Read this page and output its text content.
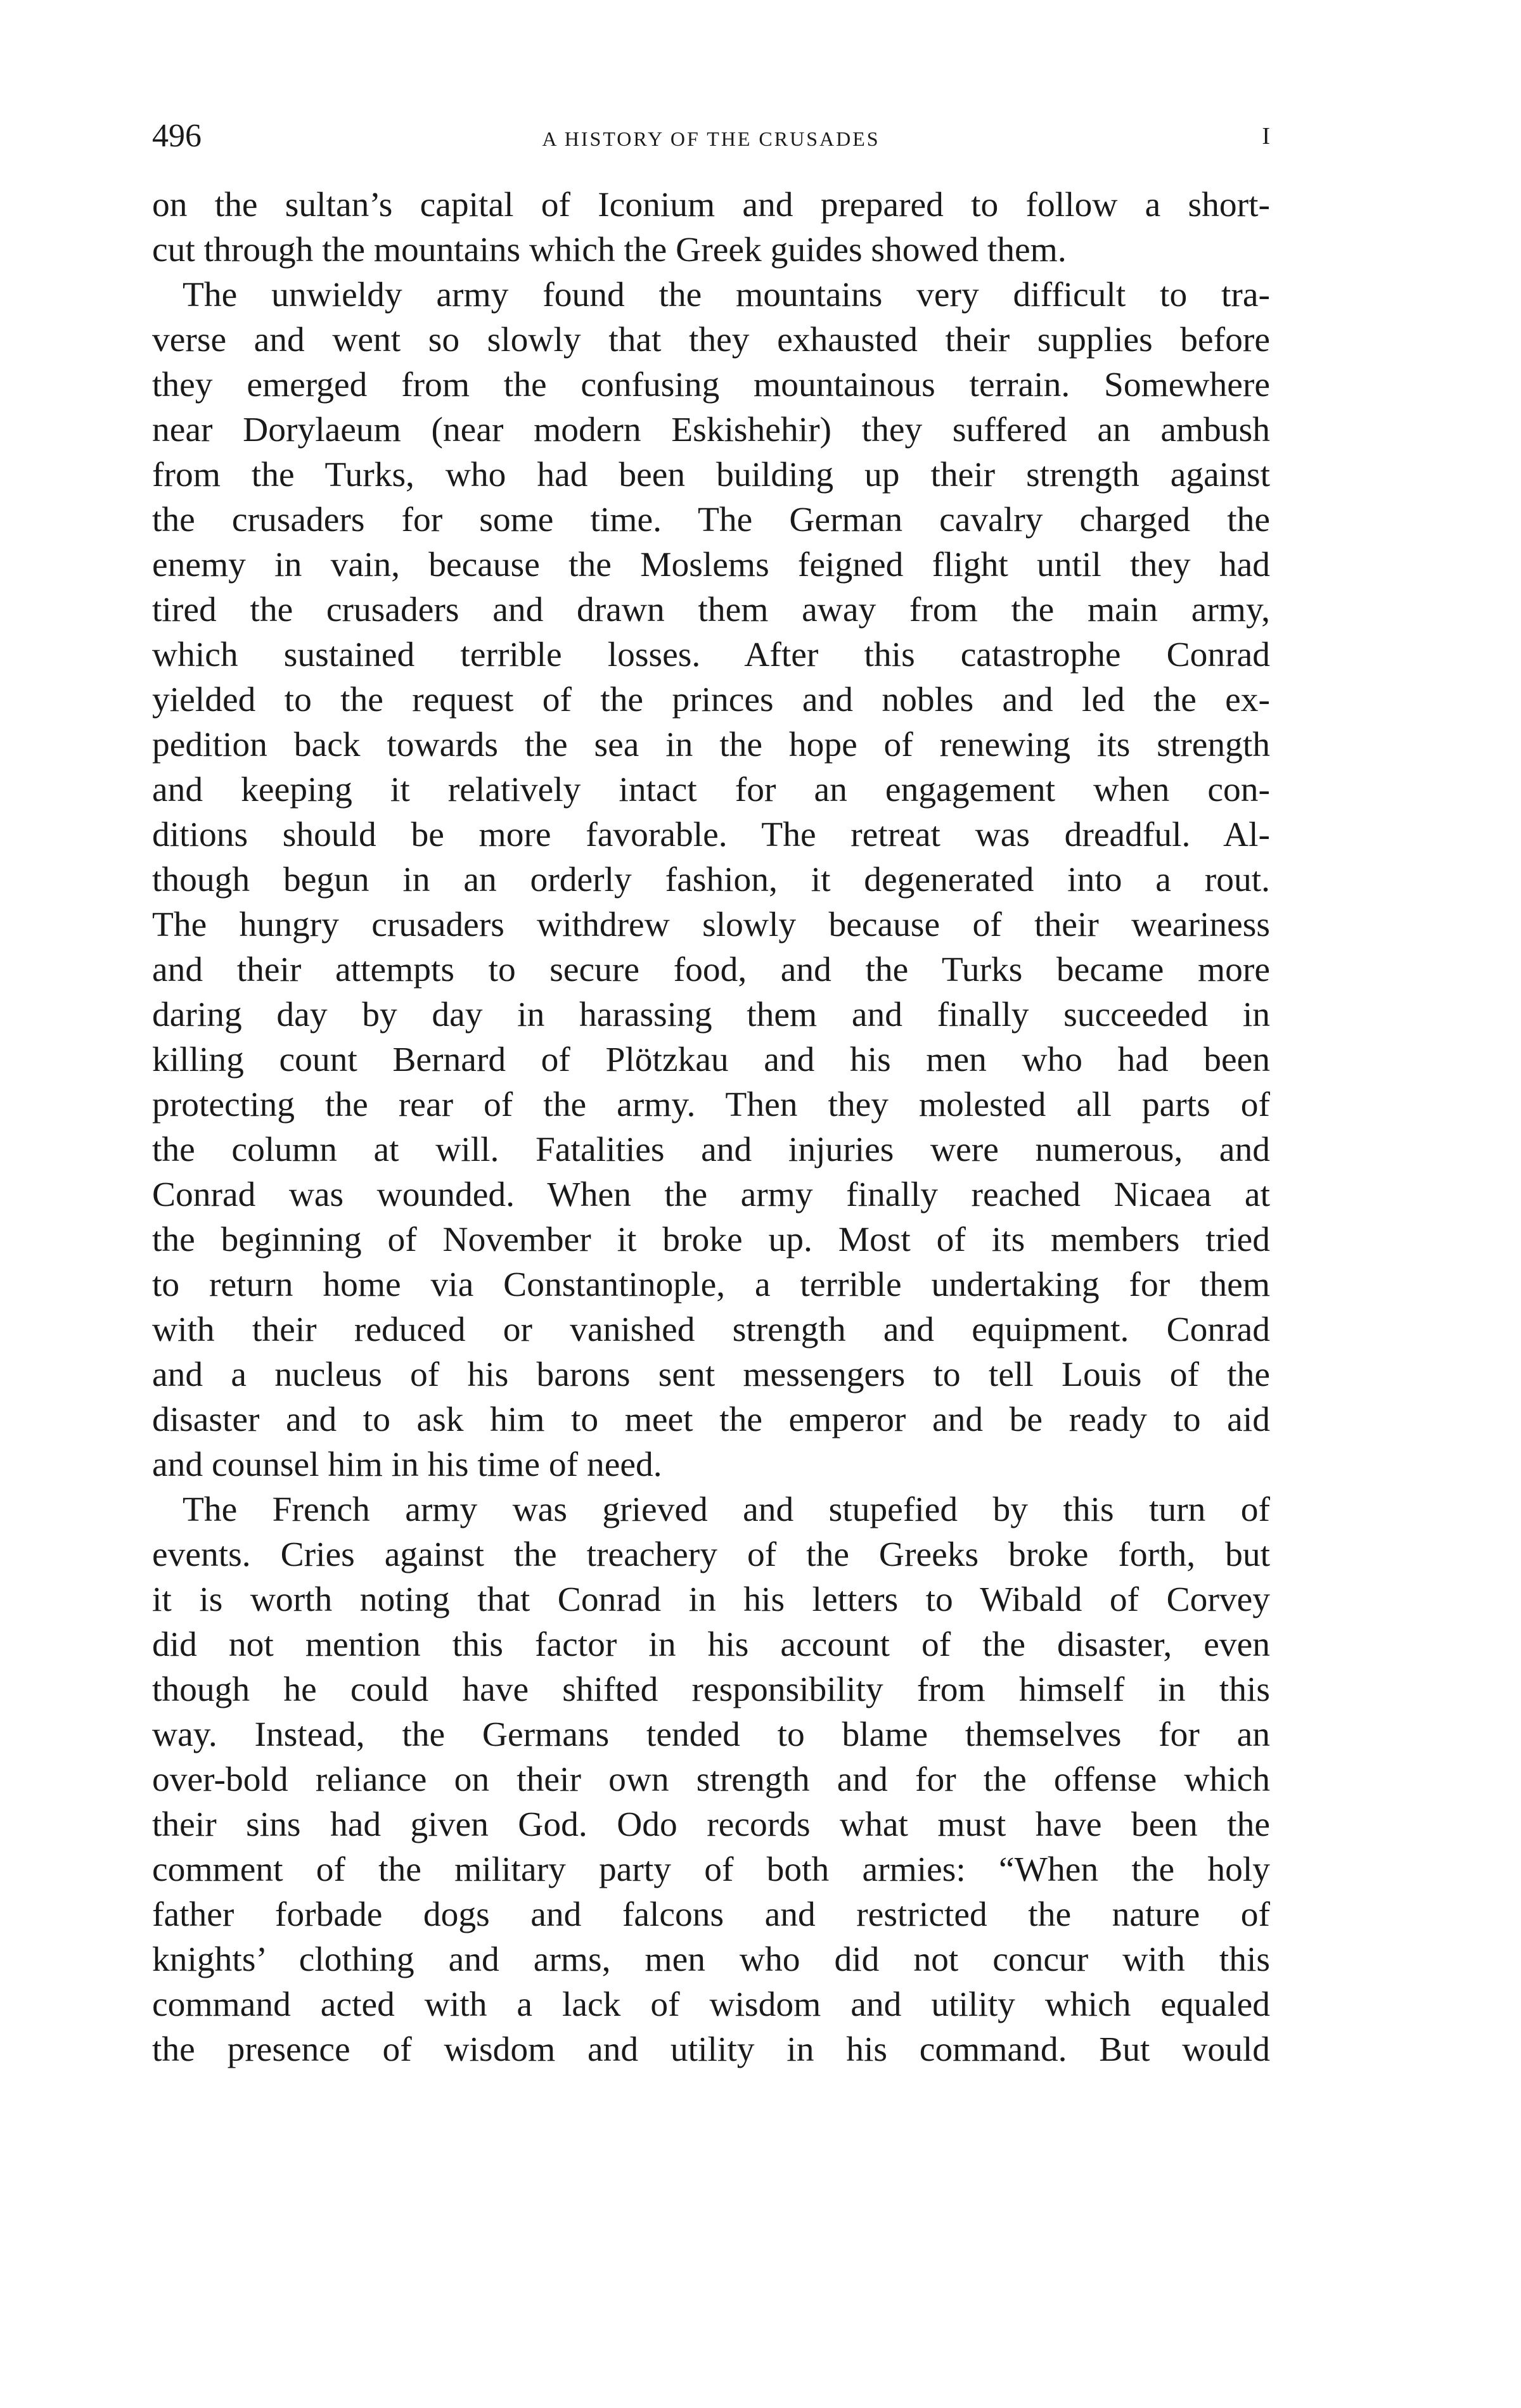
496	A HISTORY OF THE CRUSADES	I
on the sultan’s capital of Iconium and prepared to follow a short-
cut through the mountains which the Greek guides showed them.
The unwieldy army found the mountains very difficult to tra-
verse and went so slowly that they exhausted their supplies before
they emerged from the confusing mountainous terrain. Somewhere
near Dorylaeum (near modern Eskishehir) they suffered an ambush
from the Turks, who had been building up their strength against
the crusaders for some time. The German cavalry charged the
enemy in vain, because the Moslems feigned flight until they had
tired the crusaders and drawn them away from the main army,
which sustained terrible losses. After this catastrophe Conrad
yielded to the request of the princes and nobles and led the ex-
pedition back towards the sea in the hope of renewing its strength
and keeping it relatively intact for an engagement when con-
ditions should be more favorable. The retreat was dreadful. Al-
though begun in an orderly fashion, it degenerated into a rout.
The hungry crusaders withdrew slowly because of their weariness
and their attempts to secure food, and the Turks became more
daring day by day in harassing them and finally succeeded in
killing count Bernard of Plötzkau and his men who had been
protecting the rear of the army. Then they molested all parts of
the column at will. Fatalities and injuries were numerous, and
Conrad was wounded. When the army finally reached Nicaea at
the beginning of November it broke up. Most of its members tried
to return home via Constantinople, a terrible undertaking for them
with their reduced or vanished strength and equipment. Conrad
and a nucleus of his barons sent messengers to tell Louis of the
disaster and to ask him to meet the emperor and be ready to aid
and counsel him in his time of need.
The French army was grieved and stupefied by this turn of
events. Cries against the treachery of the Greeks broke forth, but
it is worth noting that Conrad in his letters to Wibald of Corvey
did not mention this factor in his account of the disaster, even
though he could have shifted responsibility from himself in this
way. Instead, the Germans tended to blame themselves for an
over-bold reliance on their own strength and for the offense which
their sins had given God. Odo records what must have been the
comment of the military party of both armies: “When the holy
father forbade dogs and falcons and restricted the nature of
knights’ clothing and arms, men who did not concur with this
command acted with a lack of wisdom and utility which equaled
the presence of wisdom and utility in his command. But would
